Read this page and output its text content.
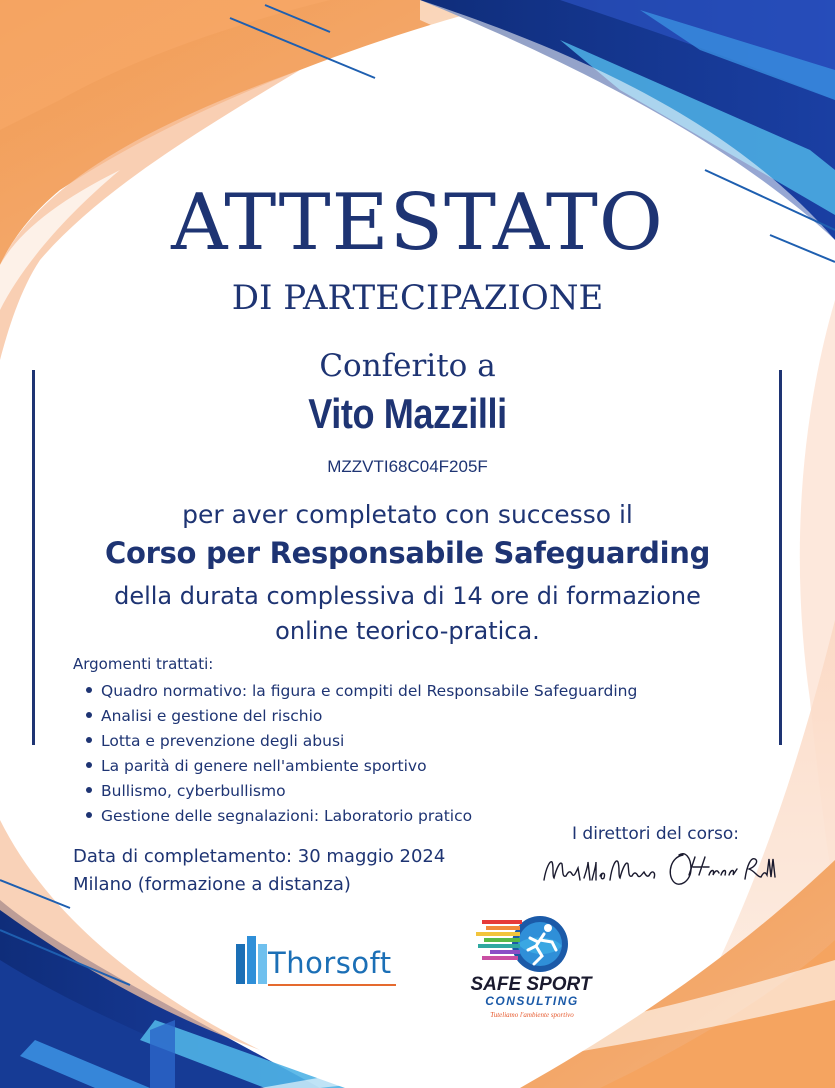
ATTESTATO
DI PARTECIPAZIONE
Conferito a
Vito Mazzilli
MZZVTI68C04F205F
per aver completato con successo il
Corso per Responsabile Safeguarding
della durata complessiva di 14 ore di formazione
online teorico-pratica.
Argomenti trattati:
Quadro normativo: la figura e compiti del Responsabile Safeguarding
Analisi e gestione del rischio
Lotta e prevenzione degli abusi
La parità di genere nell'ambiente sportivo
Bullismo, cyberbullismo
Gestione delle segnalazioni: Laboratorio pratico
I direttori del corso:
Data di completamento: 30 maggio 2024
Milano (formazione a distanza)
Thorsoft
SAFE SPORT
CONSULTING
Tuteliamo l'ambiente sportivo
